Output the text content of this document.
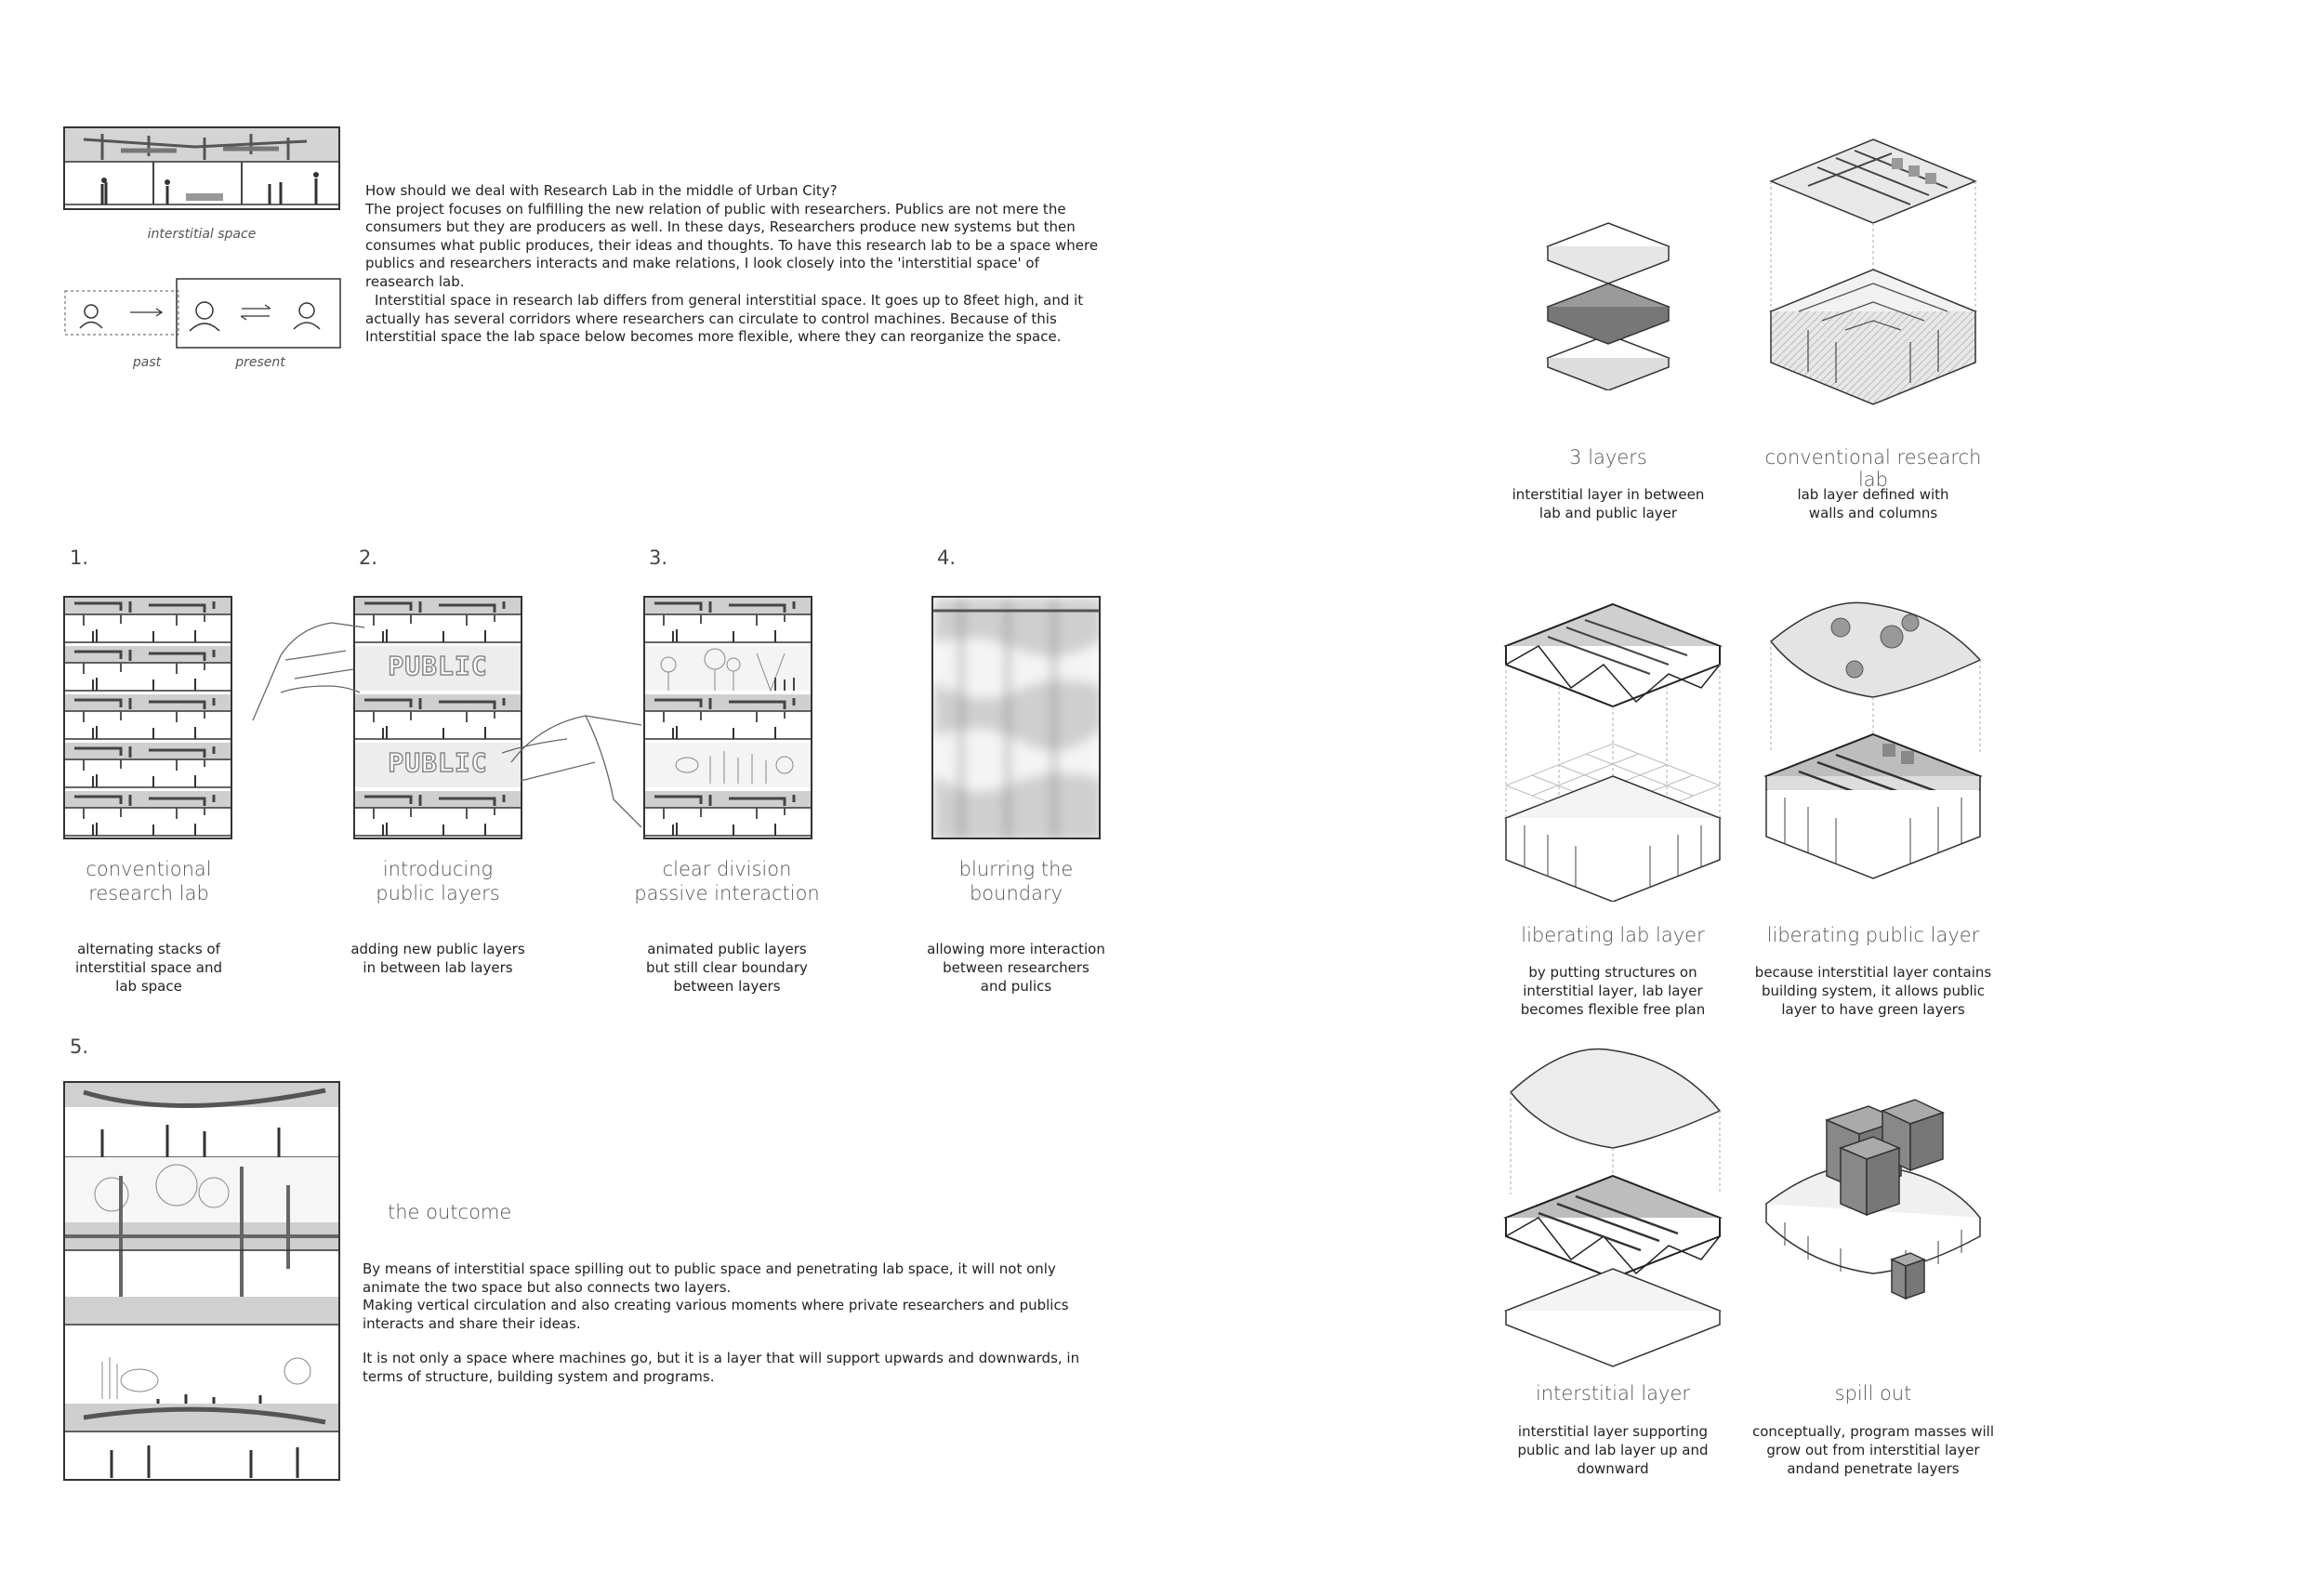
interstitial space
past	present
How should we deal with Research Lab in the middle of Urban City?
The project focuses on fulfilling the new relation of public with researchers. Publics are not mere the consumers but they are producers as well. In these days, Researchers produce new systems but then consumes what public produces, their ideas and thoughts. To have this research lab to be a space where publics and researchers interacts and make relations, I look closely into the 'interstitial space' of reasearch lab.
Interstitial space in research lab differs from general interstitial space. It goes up to 8feet high, and it actually has several corridors where researchers can circulate to control machines. Because of this Interstitial space the lab space below becomes more flexible, where they can reorganize the space.
1.	2.	3.	4.
PUBLIC
PUBLIC
conventional
research lab
introducing
public layers
clear division
passive interaction
blurring the
boundary
alternating stacks of
interstitial space and
lab space
adding new public layers
in between lab layers
animated public layers
but still clear boundary
between layers
allowing more interaction
between researchers
and pulics
5.
the outcome
By means of interstitial space spilling out to public space and penetrating lab space, it will not only animate the two space but also connects two layers.
Making vertical circulation and also creating various moments where private researchers and publics interacts and share their ideas.
It is not only a space where machines go, but it is a layer that will support upwards and downwards, in terms of structure, building system and programs.
3 layers	conventional research lab
interstitial layer in between
lab and public layer
lab layer defined with
walls and columns
liberating lab layer	liberating public layer
by putting structures on
interstitial layer, lab layer
becomes flexible free plan
because interstitial layer contains
building system, it allows public
layer to have green layers
interstitial layer	spill out
interstitial layer supporting
public and lab layer up and
downward
conceptually, program masses will
grow out from interstitial layer
andand penetrate layers
